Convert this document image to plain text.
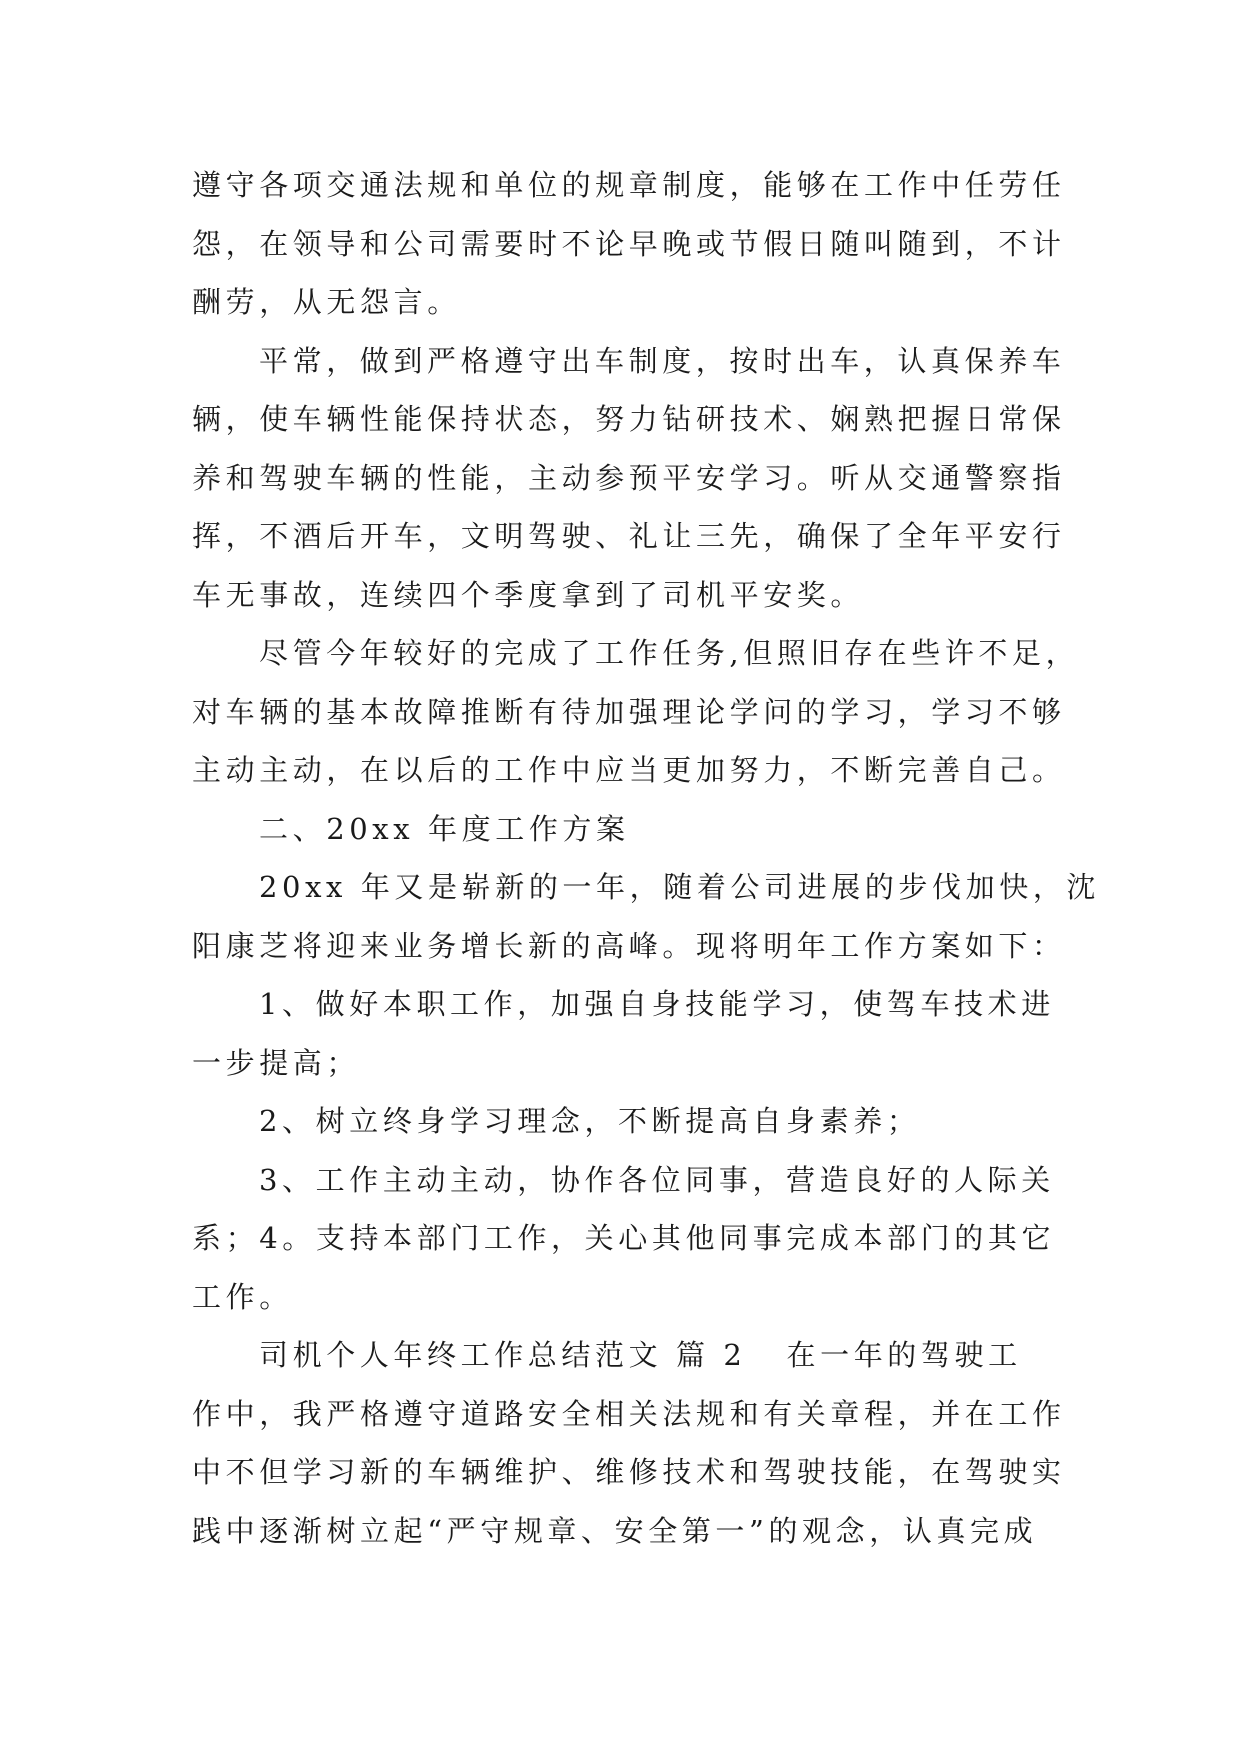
遵守各项交通法规和单位的规章制度，能够在工作中任劳任
怨，在领导和公司需要时不论早晚或节假日随叫随到，不计
酬劳，从无怨言。
平常，做到严格遵守出车制度，按时出车，认真保养车
辆，使车辆性能保持状态，努力钻研技术、娴熟把握日常保
养和驾驶车辆的性能，主动参预平安学习。听从交通警察指
挥，不酒后开车，文明驾驶、礼让三先，确保了全年平安行
车无事故，连续四个季度拿到了司机平安奖。
尽管今年较好的完成了工作任务,但照旧存在些许不足，
对车辆的基本故障推断有待加强理论学问的学习，学习不够
主动主动，在以后的工作中应当更加努力，不断完善自己。
二、20xx 年度工作方案
20xx 年又是崭新的一年，随着公司进展的步伐加快，沈
阳康芝将迎来业务增长新的高峰。现将明年工作方案如下：
1、做好本职工作，加强自身技能学习，使驾车技术进
一步提高；
2、树立终身学习理念，不断提高自身素养；
3、工作主动主动，协作各位同事，营造良好的人际关
系；4。支持本部门工作，关心其他同事完成本部门的其它
工作。
司机个人年终工作总结范文 篇 2 在一年的驾驶工
作中，我严格遵守道路安全相关法规和有关章程，并在工作
中不但学习新的车辆维护、维修技术和驾驶技能，在驾驶实
践中逐渐树立起“严守规章、安全第一”的观念，认真完成
